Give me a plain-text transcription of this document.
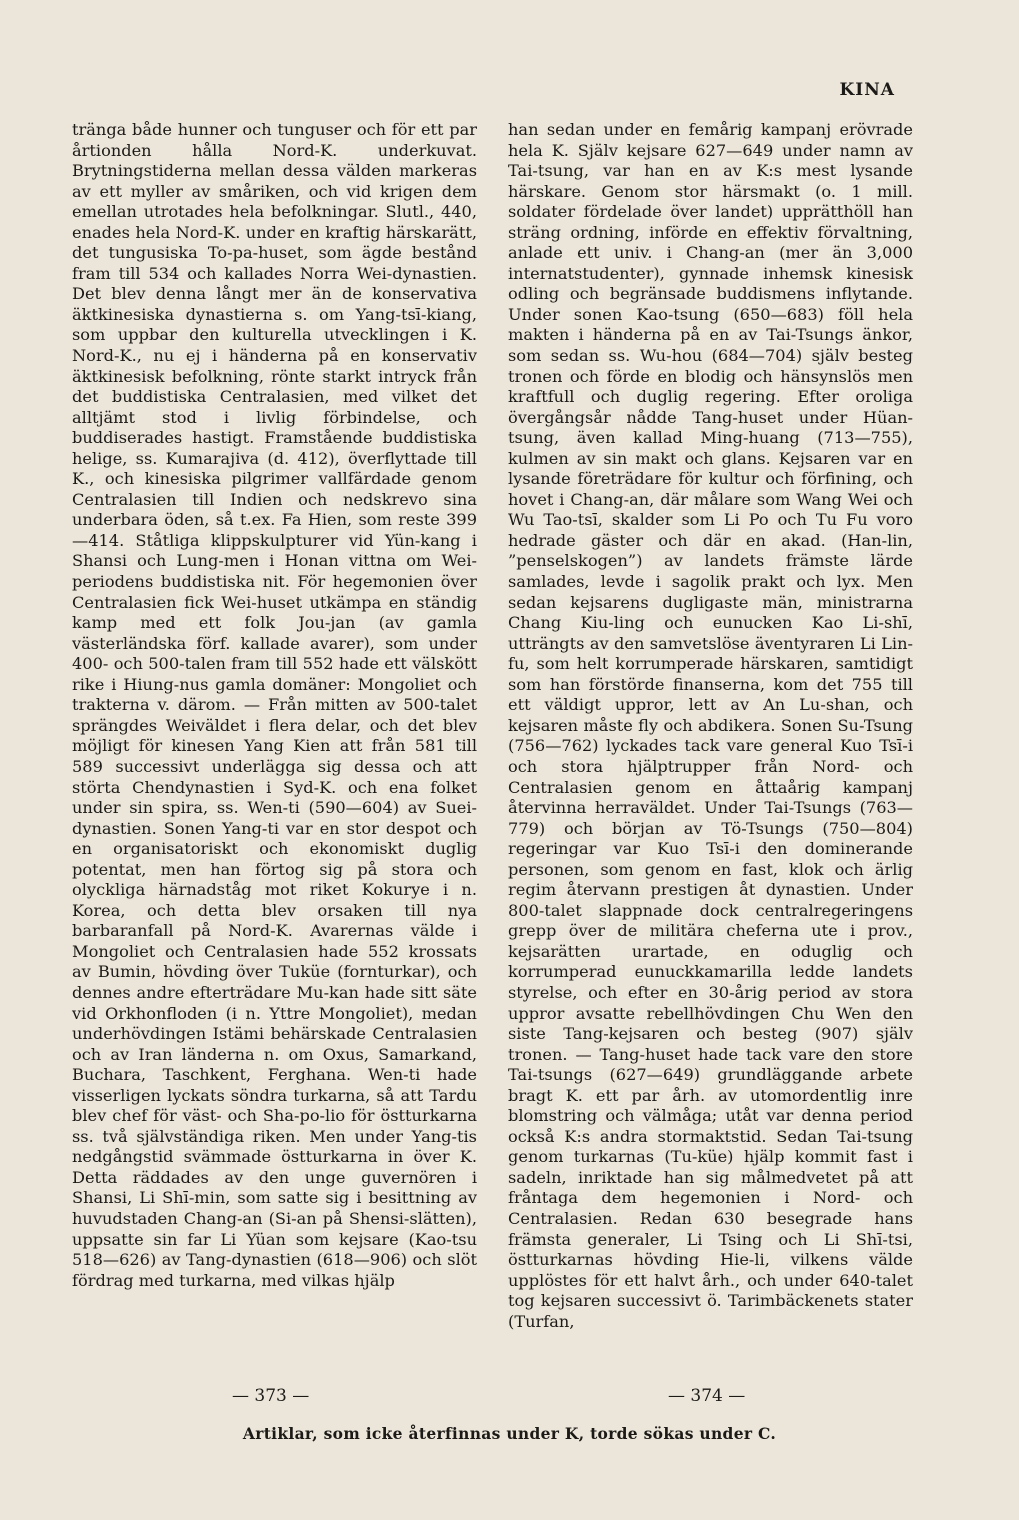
KINA

tränga både hunner och tunguser och för ett par årtionden hålla Nord-K. underkuvat. Brytningstiderna mellan dessa välden markeras av ett myller av småriken, och vid krigen dem emellan utrotades hela befolkningar. Slutl., 440, enades hela Nord-K. under en kraftig härskarätt, det tungusiska To-pa-huset, som ägde bestånd fram till 534 och kallades Norra Wei-dynastien. Det blev denna långt mer än de konservativa äktkinesiska dynastierna s. om Yang-tsī-kiang, som uppbar den kulturella utvecklingen i K. Nord-K., nu ej i händerna på en konservativ äktkinesisk befolkning, rönte starkt intryck från det buddistiska Centralasien, med vilket det alltjämt stod i livlig förbindelse, och buddiserades hastigt. Framstående buddistiska helige, ss. Kumarajiva (d. 412), överflyttade till K., och kinesiska pilgrimer vallfärdade genom Centralasien till Indien och nedskrevo sina underbara öden, så t.ex. Fa Hien, som reste 399—414. Ståtliga klippskulpturer vid Yün-kang i Shansi och Lung-men i Honan vittna om Wei-periodens buddistiska nit. För hegemonien över Centralasien fick Wei-huset utkämpa en ständig kamp med ett folk Jou-jan (av gamla västerländska förf. kallade avarer), som under 400- och 500-talen fram till 552 hade ett välskött rike i Hiung-nus gamla domäner: Mongoliet och trakterna v. därom. — Från mitten av 500-talet sprängdes Weiväldet i flera delar, och det blev möjligt för kinesen Yang Kien att från 581 till 589 successivt underlägga sig dessa och att störta Chendynastien i Syd-K. och ena folket under sin spira, ss. Wen-ti (590—604) av Suei-dynastien. Sonen Yang-ti var en stor despot och en organisatoriskt och ekonomiskt duglig potentat, men han förtog sig på stora och olyckliga härnadståg mot riket Kokurye i n. Korea, och detta blev orsaken till nya barbaranfall på Nord-K. Avarernas välde i Mongoliet och Centralasien hade 552 krossats av Bumin, hövding över Tuküe (fornturkar), och dennes andre efterträdare Mu-kan hade sitt säte vid Orkhonfloden (i n. Yttre Mongoliet), medan underhövdingen Istämi behärskade Centralasien och av Iran länderna n. om Oxus, Samarkand, Buchara, Taschkent, Ferghana. Wen-ti hade visserligen lyckats söndra turkarna, så att Tardu blev chef för väst- och Sha-po-lio för östturkarna ss. två självständiga riken. Men under Yang-tis nedgångstid svämmade östturkarna in över K. Detta räddades av den unge guvernören i Shansi, Li Shī-min, som satte sig i besittning av huvudstaden Chang-an (Si-an på Shensi-slätten), uppsatte sin far Li Yüan som kejsare (Kao-tsu 518—626) av Tang-dynastien (618—906) och slöt fördrag med turkarna, med vilkas hjälp

han sedan under en femårig kampanj erövrade hela K. Själv kejsare 627—649 under namn av Tai-tsung, var han en av K:s mest lysande härskare. Genom stor härsmakt (o. 1 mill. soldater fördelade över landet) upprätthöll han sträng ordning, införde en effektiv förvaltning, anlade ett univ. i Chang-an (mer än 3,000 internatstudenter), gynnade inhemsk kinesisk odling och begränsade buddismens inflytande. Under sonen Kao-tsung (650—683) föll hela makten i händerna på en av Tai-Tsungs änkor, som sedan ss. Wu-hou (684—704) själv besteg tronen och förde en blodig och hänsynslös men kraftfull och duglig regering. Efter oroliga övergångsår nådde Tang-huset under Hüan-tsung, även kallad Ming-huang (713—755), kulmen av sin makt och glans. Kejsaren var en lysande företrädare för kultur och förfining, och hovet i Chang-an, där målare som Wang Wei och Wu Tao-tsī, skalder som Li Po och Tu Fu voro hedrade gäster och där en akad. (Han-lin, ”penselskogen”) av landets främste lärde samlades, levde i sagolik prakt och lyx. Men sedan kejsarens dugligaste män, ministrarna Chang Kiu-ling och eunucken Kao Li-shī, utträngts av den samvetslöse äventyraren Li Lin-fu, som helt korrumperade härskaren, samtidigt som han förstörde finanserna, kom det 755 till ett väldigt uppror, lett av An Lu-shan, och kejsaren måste fly och abdikera. Sonen Su-Tsung (756—762) lyckades tack vare general Kuo Tsī-i och stora hjälptrupper från Nord- och Centralasien genom en åttaårig kampanj återvinna herraväldet. Under Tai-Tsungs (763—779) och början av Tö-Tsungs (750—804) regeringar var Kuo Tsī-i den dominerande personen, som genom en fast, klok och ärlig regim återvann prestigen åt dynastien. Under 800-talet slappnade dock centralregeringens grepp över de militära cheferna ute i prov., kejsarätten urartade, en oduglig och korrumperad eunuckkamarilla ledde landets styrelse, och efter en 30-årig period av stora uppror avsatte rebellhövdingen Chu Wen den siste Tang-kejsaren och besteg (907) själv tronen. — Tang-huset hade tack vare den store Tai-tsungs (627—649) grundläggande arbete bragt K. ett par årh. av utomordentlig inre blomstring och välmåga; utåt var denna period också K:s andra stormaktstid. Sedan Tai-tsung genom turkarnas (Tu-küe) hjälp kommit fast i sadeln, inriktade han sig målmedvetet på att fråntaga dem hegemonien i Nord- och Centralasien. Redan 630 besegrade hans främsta generaler, Li Tsing och Li Shī-tsi, östturkarnas hövding Hie-li, vilkens välde upplöstes för ett halvt årh., och under 640-talet tog kejsaren successivt ö. Tarimbäckenets stater (Turfan,

— 373 —	— 374 —
Artiklar, som icke återfinnas under K, torde sökas under C.
